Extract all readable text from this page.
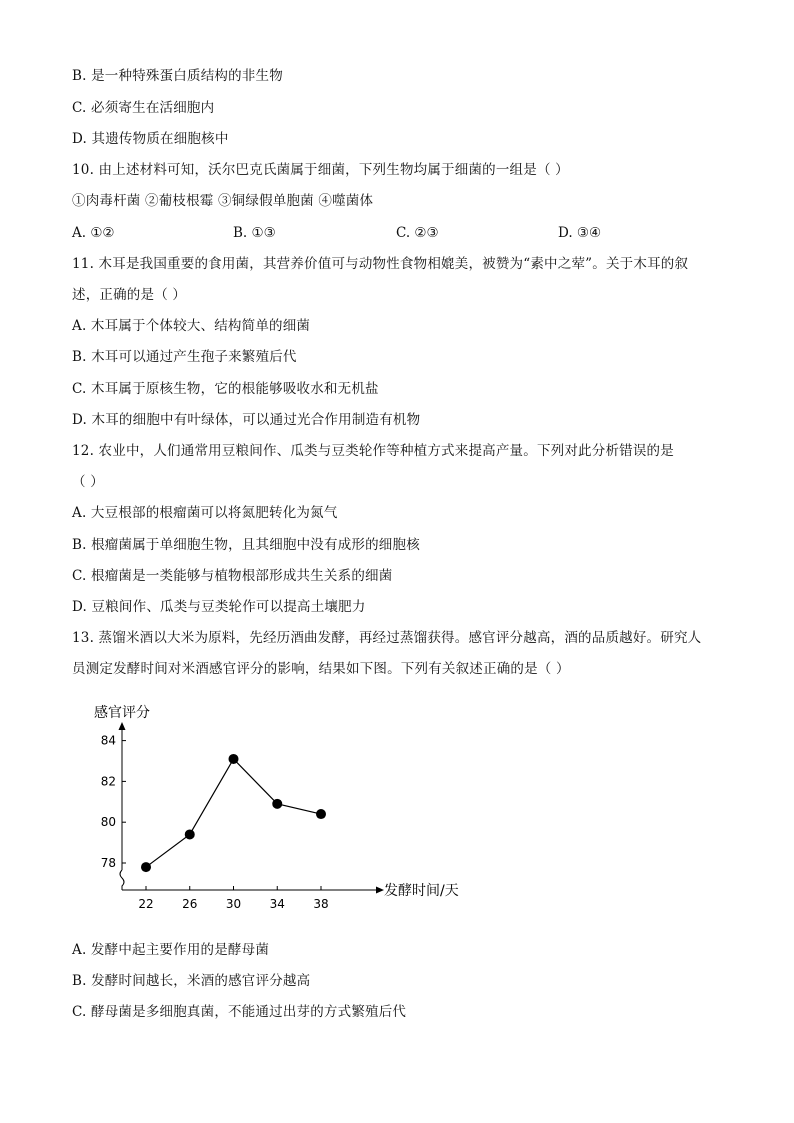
B. 是一种特殊蛋白质结构的非生物
C. 必须寄生在活细胞内
D. 其遗传物质在细胞核中
10. 由上述材料可知，沃尔巴克氏菌属于细菌，下列生物均属于细菌的一组是（ ）
①肉毒杆菌 ②葡枝根霉 ③铜绿假单胞菌 ④噬菌体
A. ①②	B. ①③	C. ②③	D. ③④
11. 木耳是我国重要的食用菌，其营养价值可与动物性食物相媲美，被赞为“素中之荤”。关于木耳的叙
述，正确的是（ ）
A. 木耳属于个体较大、结构简单的细菌
B. 木耳可以通过产生孢子来繁殖后代
C. 木耳属于原核生物，它的根能够吸收水和无机盐
D. 木耳的细胞中有叶绿体，可以通过光合作用制造有机物
12. 农业中，人们通常用豆粮间作、瓜类与豆类轮作等种植方式来提高产量。下列对此分析错误的是
（ ）
A. 大豆根部的根瘤菌可以将氮肥转化为氮气
B. 根瘤菌属于单细胞生物，且其细胞中没有成形的细胞核
C. 根瘤菌是一类能够与植物根部形成共生关系的细菌
D. 豆粮间作、瓜类与豆类轮作可以提高土壤肥力
13. 蒸馏米酒以大米为原料，先经历酒曲发酵，再经过蒸馏获得。感官评分越高，酒的品质越好。研究人
员测定发酵时间对米酒感官评分的影响，结果如下图。下列有关叙述正确的是（ ）
78
80
82
84
22 26 30 34 38
感官评分
发酵时间/天
A. 发酵中起主要作用的是酵母菌
B. 发酵时间越长，米酒的感官评分越高
C. 酵母菌是多细胞真菌，不能通过出芽的方式繁殖后代
